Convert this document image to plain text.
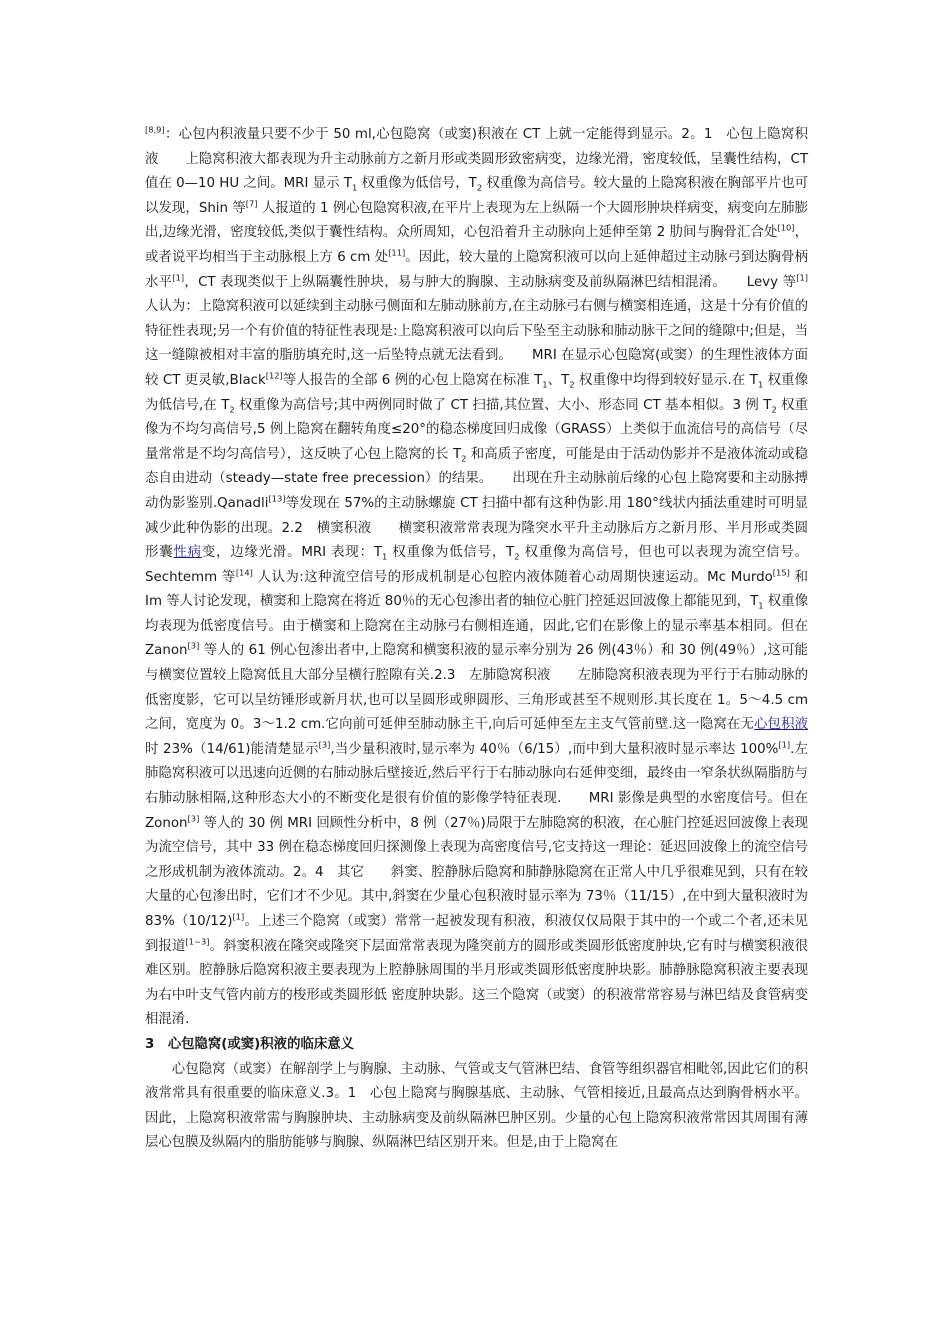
[8,9]：心包内积液量只要不少于 50 ml,心包隐窝（或窦)积液在 CT 上就一定能得到显示。2。1　心包上隐窝积液　　上隐窝积液大都表现为升主动脉前方之新月形或类圆形致密病变，边缘光滑，密度较低，呈囊性结构，CT 值在 0—10 HU 之间。MRI 显示 $T_1$ 权重像为低信号，$T_2$ 权重像为高信号。较大量的上隐窝积液在胸部平片也可以发现，Shin 等[7] 人报道的 1 例心包隐窝积液,在平片上表现为左上纵隔一个大圆形肿块样病变，病变向左肺膨出,边缘光滑，密度较低,类似于囊性结构。众所周知，心包沿着升主动脉向上延伸至第 2 肋间与胸骨汇合处[10]，或者说平均相当于主动脉根上方 6 cm 处[11]。因此，较大量的上隐窝积液可以向上延伸超过主动脉弓到达胸骨柄水平[1]，CT 表现类似于上纵隔囊性肿块，易与肿大的胸腺、主动脉病变及前纵隔淋巴结相混淆。　　Levy 等[1] 人认为：上隐窝积液可以延续到主动脉弓侧面和左肺动脉前方,在主动脉弓右侧与横窦相连通，这是十分有价值的特征性表现;另一个有价值的特征性表现是:上隐窝积液可以向后下坠至主动脉和肺动脉干之间的缝隙中;但是，当这一缝隙被相对丰富的脂肪填充时,这一后坠特点就无法看到。　　MRI 在显示心包隐窝(或窦）的生理性液体方面较 CT 更灵敏,Black[12]等人报告的全部 6 例的心包上隐窝在标准 $T_1$、$T_2$ 权重像中均得到较好显示.在 $T_1$ 权重像为低信号,在 $T_2$ 权重像为高信号;其中两例同时做了 CT 扫描,其位置、大小、形态同 CT 基本相似。3 例 $T_2$ 权重像为不均匀高信号,5 例上隐窝在翻转角度≤20°的稳态梯度回归成像（GRASS）上类似于血流信号的高信号（尽量常常是不均匀高信号），这反映了心包上隐窝的长 $T_2$ 和高质子密度，可能是由于活动伪影并不是液体流动或稳态自由进动（steady—state free precession）的结果。　　出现在升主动脉前后缘的心包上隐窝要和主动脉搏动伪影鉴别.Qanadli[13]等发现在 57%的主动脉螺旋 CT 扫描中都有这种伪影.用 180°线状内插法重建时可明显减少此种伪影的出现。2.2　横窦积液　　横窦积液常常表现为隆突水平升主动脉后方之新月形、半月形或类圆形囊性病变，边缘光滑。MRI 表现：$T_1$ 权重像为低信号，$T_2$ 权重像为高信号，但也可以表现为流空信号。Sechtemm 等[14] 人认为:这种流空信号的形成机制是心包腔内液体随着心动周期快速运动。Mc Murdo[15] 和 Im 等人讨论发现，横窦和上隐窝在将近 80％的无心包渗出者的轴位心脏门控延迟回波像上都能见到，$T_1$ 权重像均表现为低密度信号。由于横窦和上隐窝在主动脉弓右侧相连通，因此,它们在影像上的显示率基本相同。但在 Zanon[3] 等人的 61 例心包渗出者中,上隐窝和横窦积液的显示率分别为 26 例(43％）和 30 例(49％）,这可能与横窦位置较上隐窝低且大部分呈横行腔隙有关.2.3　左肺隐窝积液　　左肺隐窝积液表现为平行于右肺动脉的低密度影，它可以呈纺锤形或新月状,也可以呈圆形或卵圆形、三角形或甚至不规则形.其长度在 1。5～4.5 cm 之间，宽度为 0。3～1.2 cm.它向前可延伸至肺动脉主干,向后可延伸至左主支气管前壁.这一隐窝在无心包积液时 23%（14/61)能清楚显示[3],当少量积液时,显示率为 40％（6/15）,而中到大量积液时显示率达 100%[1].左肺隐窝积液可以迅速向近侧的右肺动脉后壁接近,然后平行于右肺动脉向右延伸变细，最终由一窄条状纵隔脂肪与右肺动脉相隔,这种形态大小的不断变化是很有价值的影像学特征表现.　　MRI 影像是典型的水密度信号。但在 Zonon[3] 等人的 30 例 MRI 回顾性分析中，8 例（27％)局限于左肺隐窝的积液，在心脏门控延迟回波像上表现为流空信号，其中 33 例在稳态梯度回归探测像上表现为高密度信号,它支持这一理论：延迟回波像上的流空信号之形成机制为液体流动。2。4　其它　　斜窦、腔静脉后隐窝和肺静脉隐窝在正常人中几乎很难见到，只有在较大量的心包渗出时，它们才不少见。其中,斜窦在少量心包积液时显示率为 73％（11/15）,在中到大量积液时为 83%（10/12)[1]。上述三个隐窝（或窦）常常一起被发现有积液，积液仅仅局限于其中的一个或二个者,还未见到报道[1~3]。斜窦积液在隆突或隆突下层面常常表现为隆突前方的圆形或类圆形低密度肿块,它有时与横窦积液很难区别。腔静脉后隐窝积液主要表现为上腔静脉周围的半月形或类圆形低密度肿块影。肺静脉隐窝积液主要表现为右中叶支气管内前方的梭形或类圆形低 密度肿块影。这三个隐窝（或窦）的积液常常容易与淋巴结及食管病变相混淆.

3　心包隐窝(或窦)积液的临床意义

心包隐窝（或窦）在解剖学上与胸腺、主动脉、气管或支气管淋巴结、食管等组织器官相毗邻,因此它们的积液常常具有很重要的临床意义.3。1　心包上隐窝与胸腺基底、主动脉、气管相接近,且最高点达到胸骨柄水平。因此，上隐窝积液常需与胸腺肿块、主动脉病变及前纵隔淋巴肿区别。少量的心包上隐窝积液常常因其周围有薄层心包膜及纵隔内的脂肪能够与胸腺、纵隔淋巴结区别开来。但是,由于上隐窝在
